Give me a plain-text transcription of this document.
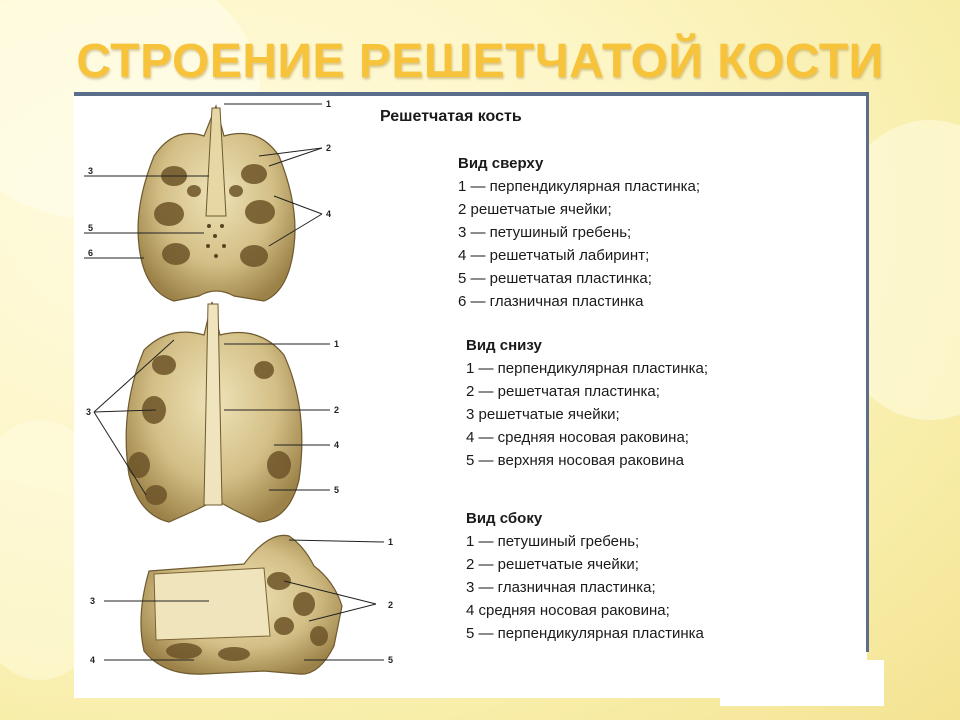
СТРОЕНИЕ РЕШЕТЧАТОЙ КОСТИ
Решетчатая кость
Вид сверху
1 — перпендикулярная пластинка;
2 решетчатые ячейки;
3 — петушиный гребень;
4 — решетчатый лабиринт;
5 — решетчатая пластинка;
6 — глазничная пластинка
Вид снизу
1 — перпендикулярная пластинка;
2 — решетчатая пластинка;
3 решетчатые ячейки;
4 — средняя носовая раковина;
5 — верхняя носовая раковина
Вид сбоку
1 — петушиный гребень;
2 — решетчатые ячейки;
3 — глазничная пластинка;
4 средняя носовая раковина;
5 — перпендикулярная пластинка
1
2
3
4
5
6
1
2
3
4
5
1
2
3
4	5
